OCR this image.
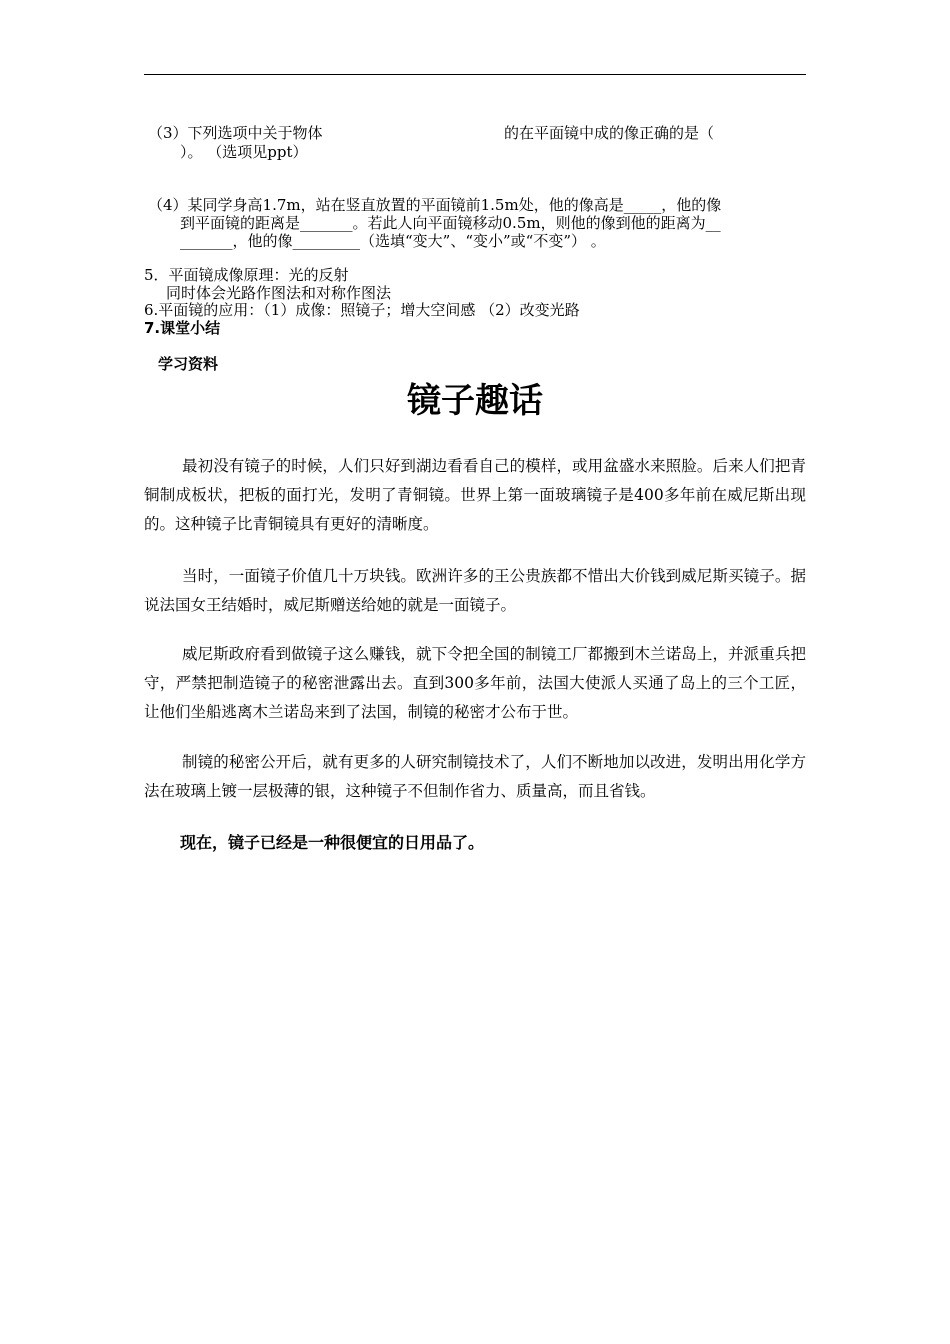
（3）下列选项中关于物体	的在平面镜中成的像正确的是（
）。 （选项见ppt）
（4）某同学身高1.7m，站在竖直放置的平面镜前1.5m处，他的像高是_____，他的像
到平面镜的距离是_______。若此人向平面镜移动0.5m，则他的像到他的距离为__
_______，他的像_________（选填“变大”、“变小”或“不变”） 。
5．平面镜成像原理：光的反射
同时体会光路作图法和对称作图法
6.平面镜的应用：（1）成像：照镜子；增大空间感 （2）改变光路
7.课堂小结
学习资料
镜子趣话
最初没有镜子的时候，人们只好到湖边看看自己的模样，或用盆盛水来照脸。后来人们把青铜制成板状，把板的面打光，发明了青铜镜。世界上第一面玻璃镜子是400多年前在威尼斯出现的。这种镜子比青铜镜具有更好的清晰度。
当时，一面镜子价值几十万块钱。欧洲许多的王公贵族都不惜出大价钱到威尼斯买镜子。据说法国女王结婚时，威尼斯赠送给她的就是一面镜子。
威尼斯政府看到做镜子这么赚钱，就下令把全国的制镜工厂都搬到木兰诺岛上，并派重兵把守，严禁把制造镜子的秘密泄露出去。直到300多年前，法国大使派人买通了岛上的三个工匠，让他们坐船逃离木兰诺岛来到了法国，制镜的秘密才公布于世。
制镜的秘密公开后，就有更多的人研究制镜技术了，人们不断地加以改进，发明出用化学方法在玻璃上镀一层极薄的银，这种镜子不但制作省力、质量高，而且省钱。
现在，镜子已经是一种很便宜的日用品了。
